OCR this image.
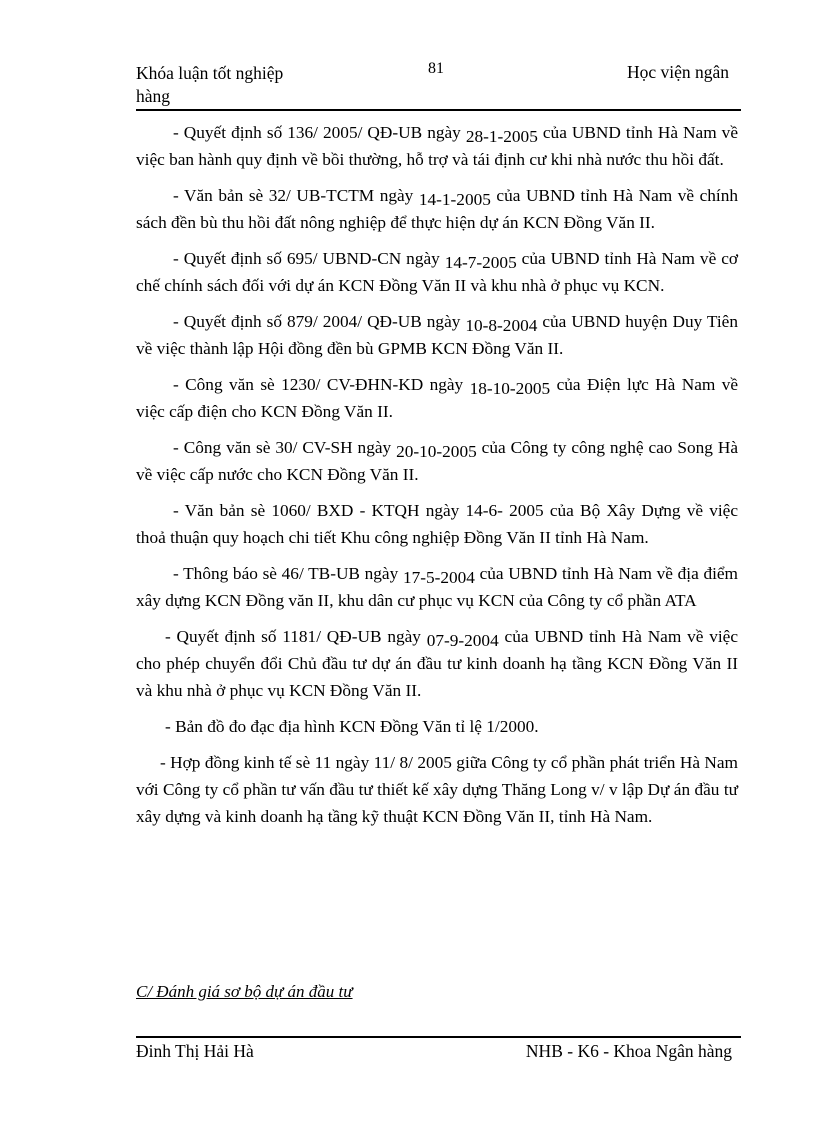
Khóa luận tốt nghiệp
hàng
81	Học viện ngân

- Quyết định số 136/ 2005/ QĐ-UB ngày 28-1-2005 của UBND tỉnh Hà Nam về việc ban hành quy định về bồi thường, hỗ trợ và tái định cư khi nhà nước thu hồi đất.

- Văn bản sè 32/ UB-TCTM ngày 14-1-2005 của UBND tỉnh Hà Nam về chính sách đền bù thu hồi đất nông nghiệp để thực hiện dự án KCN Đồng Văn II.

- Quyết định số 695/ UBND-CN ngày 14-7-2005 của UBND tỉnh Hà Nam về cơ chế chính sách đối với dự án KCN Đồng Văn II và khu nhà ở phục vụ KCN.

- Quyết định số 879/ 2004/ QĐ-UB ngày 10-8-2004 của UBND huyện Duy Tiên về việc thành lập Hội đồng đền bù GPMB KCN Đồng Văn II.

- Công văn sè 1230/ CV-ĐHN-KD ngày 18-10-2005 của Điện lực Hà Nam về việc cấp điện cho KCN Đồng Văn II.

- Công văn sè 30/ CV-SH ngày 20-10-2005 của Công ty công nghệ cao Song Hà về việc cấp nước cho KCN Đồng Văn II.

- Văn bản sè 1060/ BXD - KTQH ngày 14-6- 2005 của Bộ Xây Dựng về việc thoả thuận quy hoạch chi tiết Khu công nghiệp Đồng Văn II tỉnh Hà Nam.

- Thông báo sè 46/ TB-UB ngày 17-5-2004 của UBND tỉnh Hà Nam về địa điểm xây dựng KCN Đồng văn II, khu dân cư phục vụ KCN của Công ty cổ phần ATA

- Quyết định số 1181/ QĐ-UB ngày 07-9-2004 của UBND tỉnh Hà Nam về việc cho phép chuyển đổi Chủ đầu tư dự án đầu tư kinh doanh hạ tầng KCN Đồng Văn II và khu nhà ở phục vụ KCN Đồng Văn II.

- Bản đồ đo đạc địa hình KCN Đồng Văn tỉ lệ 1/2000.

- Hợp đồng kinh tế sè 11 ngày 11/ 8/ 2005 giữa Công ty cổ phần phát triển Hà Nam với Công ty cổ phần tư vấn đầu tư thiết kế xây dựng Thăng Long v/ v lập Dự án đầu tư xây dựng và kinh doanh hạ tầng kỹ thuật KCN Đồng Văn II, tỉnh Hà Nam.

C/ Đánh giá sơ bộ dự án đầu tư
Đinh Thị Hải Hà	NHB - K6 - Khoa Ngân hàng
